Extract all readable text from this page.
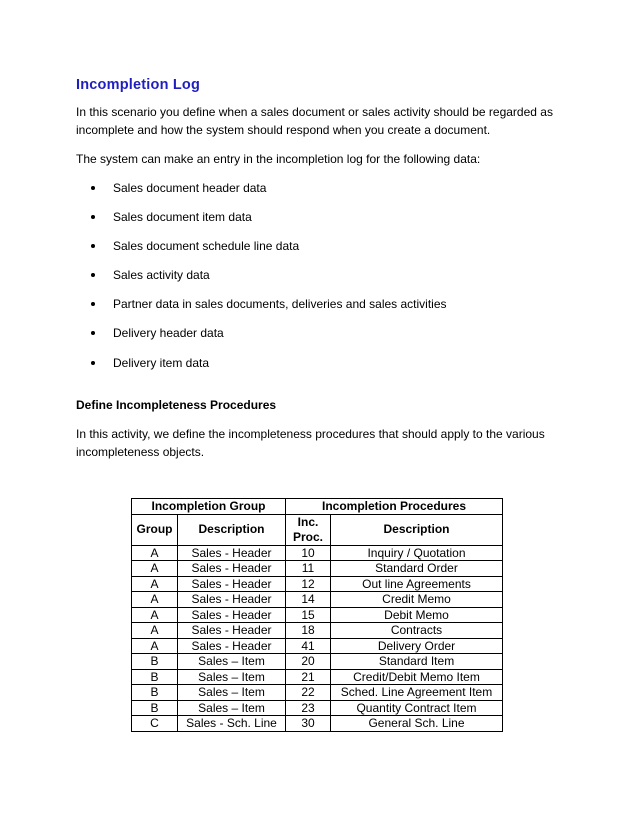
Incompletion Log

In this scenario you define when a sales document or sales activity should be regarded as incomplete and how the system should respond when you create a document.

The system can make an entry in the incompletion log for the following data:

Sales document header data
Sales document item data
Sales document schedule line data
Sales activity data
Partner data in sales documents, deliveries and sales activities
Delivery header data
Delivery item data
Define Incompleteness Procedures

In this activity, we define the incompleteness procedures that should apply to the various incompleteness objects.

Incompletion Group		Incompletion Procedures	
Group	Description	Inc. Proc.	Description
A	Sales - Header	10	Inquiry / Quotation
A	Sales - Header	11	Standard Order
A	Sales - Header	12	Out line Agreements
A	Sales - Header	14	Credit Memo
A	Sales - Header	15	Debit Memo
A	Sales - Header	18	Contracts
A	Sales - Header	41	Delivery Order
B	Sales – Item	20	Standard Item
B	Sales – Item	21	Credit/Debit Memo Item
B	Sales – Item	22	Sched. Line Agreement Item
B	Sales – Item	23	Quantity Contract Item
C	Sales - Sch. Line	30	General Sch. Line
